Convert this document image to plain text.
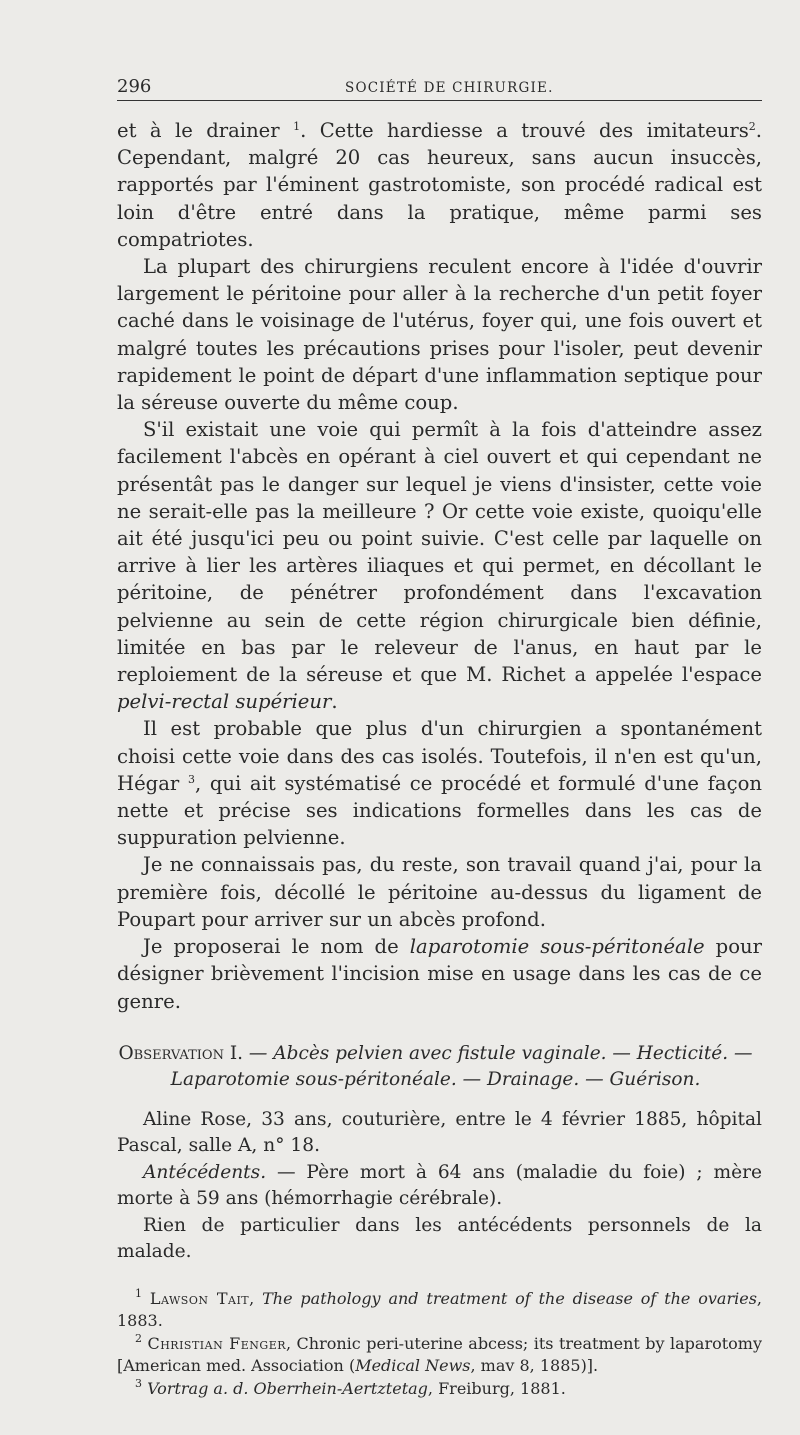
296	SOCIÉTÉ DE CHIRURGIE.

et à le drainer $^1$. Cette hardiesse a trouvé des imitateurs$^2$. Cependant, malgré 20 cas heureux, sans aucun insuccès, rapportés par l'éminent gastrotomiste, son procédé radical est loin d'être entré dans la pratique, même parmi ses compatriotes.

La plupart des chirurgiens reculent encore à l'idée d'ouvrir largement le péritoine pour aller à la recherche d'un petit foyer caché dans le voisinage de l'utérus, foyer qui, une fois ouvert et malgré toutes les précautions prises pour l'isoler, peut devenir rapidement le point de départ d'une inflammation septique pour la séreuse ouverte du même coup.

S'il existait une voie qui permît à la fois d'atteindre assez facilement l'abcès en opérant à ciel ouvert et qui cependant ne présentât pas le danger sur lequel je viens d'insister, cette voie ne serait-elle pas la meilleure ? Or cette voie existe, quoiqu'elle ait été jusqu'ici peu ou point suivie. C'est celle par laquelle on arrive à lier les artères iliaques et qui permet, en décollant le péritoine, de pénétrer profondément dans l'excavation pelvienne au sein de cette région chirurgicale bien définie, limitée en bas par le releveur de l'anus, en haut par le reploiement de la séreuse et que M. Richet a appelée l'espace pelvi-rectal supérieur.

Il est probable que plus d'un chirurgien a spontanément choisi cette voie dans des cas isolés. Toutefois, il n'en est qu'un, Hégar $^3$, qui ait systématisé ce procédé et formulé d'une façon nette et précise ses indications formelles dans les cas de suppuration pelvienne.

Je ne connaissais pas, du reste, son travail quand j'ai, pour la première fois, décollé le péritoine au-dessus du ligament de Poupart pour arriver sur un abcès profond.

Je proposerai le nom de laparotomie sous-péritonéale pour désigner brièvement l'incision mise en usage dans les cas de ce genre.

Observation I. — Abcès pelvien avec fistule vaginale. — Hecticité. — Laparotomie sous-péritonéale. — Drainage. — Guérison.

Aline Rose, 33 ans, couturière, entre le 4 février 1885, hôpital Pascal, salle A, n° 18.

Antécédents. — Père mort à 64 ans (maladie du foie) ; mère morte à 59 ans (hémorrhagie cérébrale).

Rien de particulier dans les antécédents personnels de la malade.

$^1$ Lawson Tait, The pathology and treatment of the disease of the ovaries, 1883.

$^2$ Christian Fenger, Chronic peri-uterine abcess; its treatment by laparotomy [American med. Association (Medical News, mav 8, 1885)].

$^3$ Vortrag a. d. Oberrhein-Aertztetag, Freiburg, 1881.
